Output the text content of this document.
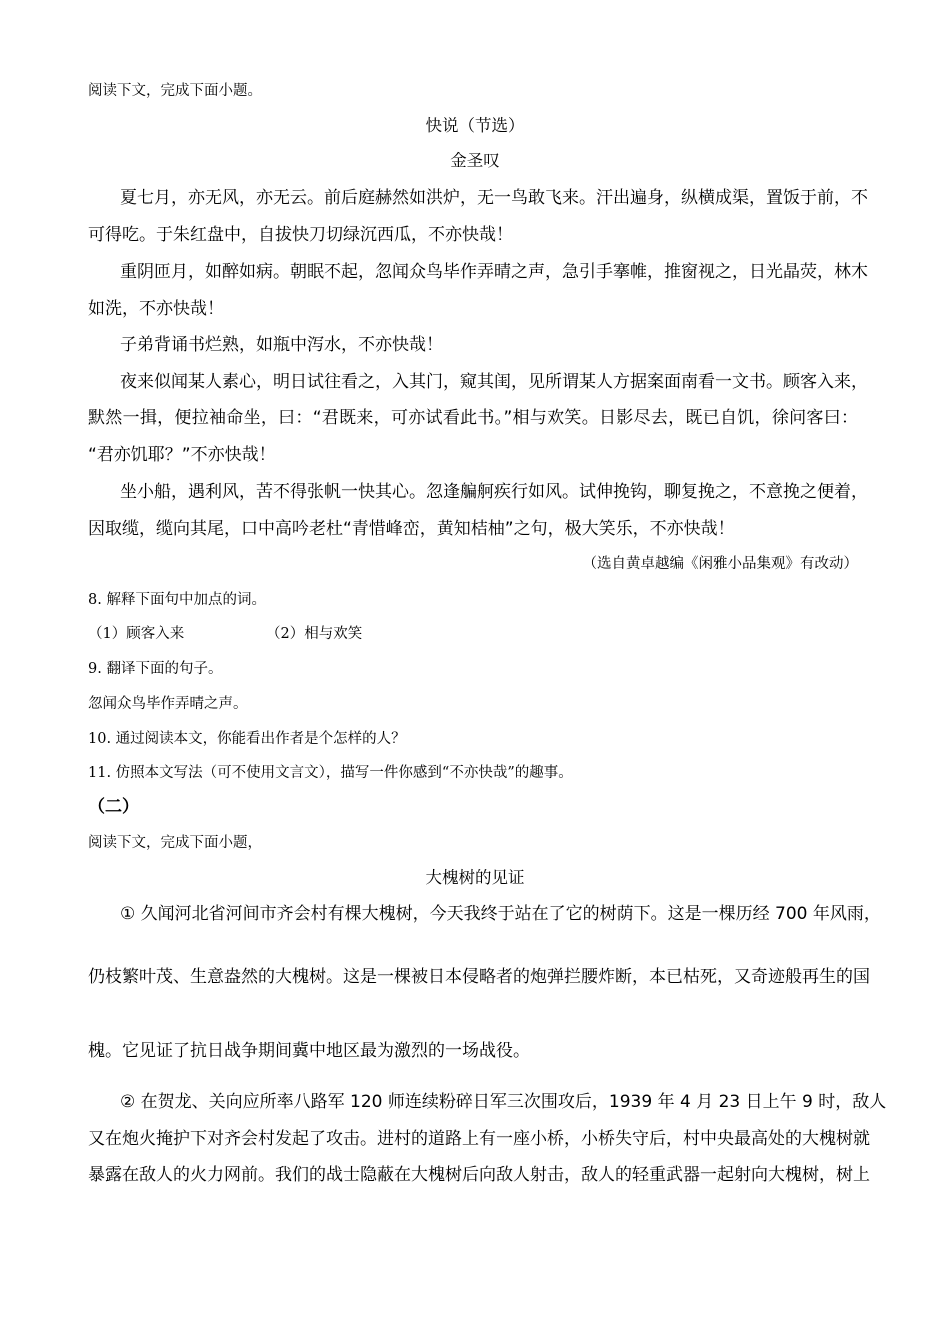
阅读下文，完成下面小题。
快说（节选）
金圣叹
夏七月，亦无风，亦无云。前后庭赫然如洪炉，无一鸟敢飞来。汗出遍身，纵横成渠，置饭于前，不
可得吃。于朱红盘中，自拔快刀切绿沉西瓜，不亦快哉！
重阴匝月，如醉如病。朝眠不起，忽闻众鸟毕作弄晴之声，急引手搴帷，推窗视之，日光晶荧，林木
如洗，不亦快哉！
子弟背诵书烂熟，如瓶中泻水，不亦快哉！
夜来似闻某人素心，明日试往看之，入其门，窥其闺，见所谓某人方据案面南看一文书。顾客入来，
默然一揖，便拉袖命坐，曰：“君既来，可亦试看此书。”相与欢笑。日影尽去，既已自饥，徐问客曰：
“君亦饥耶？”不亦快哉！
坐小船，遇利风，苦不得张帆一快其心。忽逢艑舸疾行如风。试伸挽钩，聊复挽之，不意挽之便着，
因取缆，缆向其尾，口中高吟老杜“青惜峰峦，黄知桔柚”之句，极大笑乐，不亦快哉！
（选自黄卓越编《闲雅小品集观》有改动）
8. 解释下面句中加点的词。
（1）顾客入来	（2）相与欢笑
9. 翻译下面的句子。
忽闻众鸟毕作弄晴之声。
10. 通过阅读本文，你能看出作者是个怎样的人？
11. 仿照本文写法（可不使用文言文），描写一件你感到“不亦快哉”的趣事。
（二）
阅读下文，完成下面小题，
大槐树的见证
① 久闻河北省河间市齐会村有棵大槐树，今天我终于站在了它的树荫下。这是一棵历经 700 年风雨，
仍枝繁叶茂、生意盎然的大槐树。这是一棵被日本侵略者的炮弹拦腰炸断，本已枯死，又奇迹般再生的国
槐。它见证了抗日战争期间冀中地区最为激烈的一场战役。
② 在贺龙、关向应所率八路军 120 师连续粉碎日军三次围攻后，1939 年 4 月 23 日上午 9 时，敌人
又在炮火掩护下对齐会村发起了攻击。进村的道路上有一座小桥，小桥失守后，村中央最高处的大槐树就
暴露在敌人的火力网前。我们的战士隐蔽在大槐树后向敌人射击，敌人的轻重武器一起射向大槐树，树上
